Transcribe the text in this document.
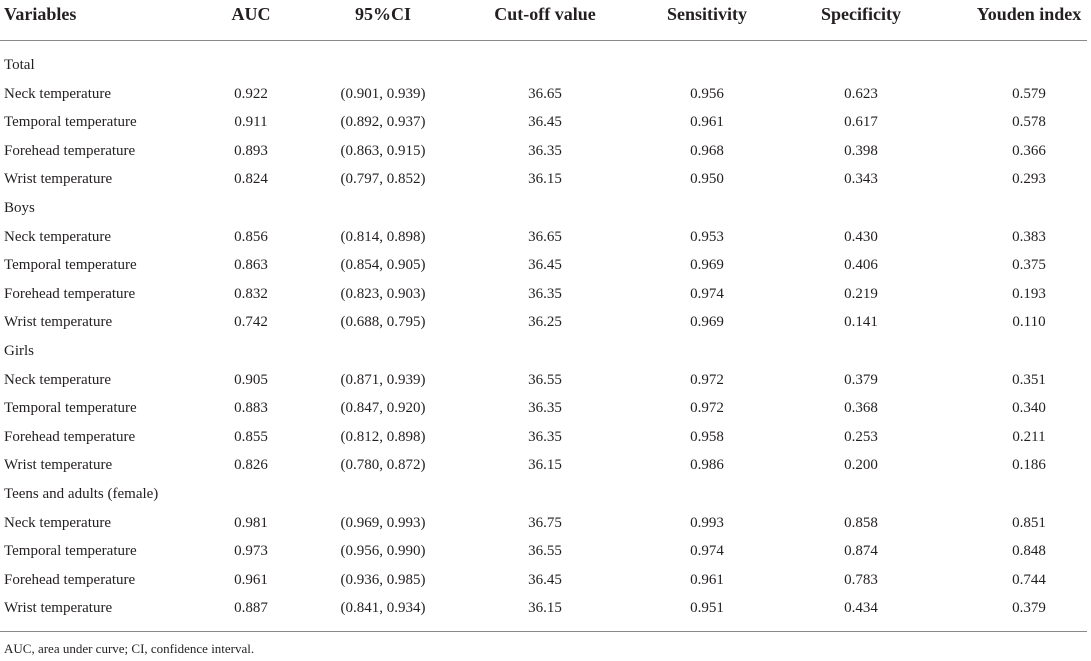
Variables	AUC	95%CI	Cut-off value	Sensitivity	Specificity	Youden index
Total
Neck temperature	0.922	(0.901, 0.939)	36.65	0.956	0.623	0.579
Temporal temperature	0.911	(0.892, 0.937)	36.45	0.961	0.617	0.578
Forehead temperature	0.893	(0.863, 0.915)	36.35	0.968	0.398	0.366
Wrist temperature	0.824	(0.797, 0.852)	36.15	0.950	0.343	0.293
Boys
Neck temperature	0.856	(0.814, 0.898)	36.65	0.953	0.430	0.383
Temporal temperature	0.863	(0.854, 0.905)	36.45	0.969	0.406	0.375
Forehead temperature	0.832	(0.823, 0.903)	36.35	0.974	0.219	0.193
Wrist temperature	0.742	(0.688, 0.795)	36.25	0.969	0.141	0.110
Girls
Neck temperature	0.905	(0.871, 0.939)	36.55	0.972	0.379	0.351
Temporal temperature	0.883	(0.847, 0.920)	36.35	0.972	0.368	0.340
Forehead temperature	0.855	(0.812, 0.898)	36.35	0.958	0.253	0.211
Wrist temperature	0.826	(0.780, 0.872)	36.15	0.986	0.200	0.186
Teens and adults (female)
Neck temperature	0.981	(0.969, 0.993)	36.75	0.993	0.858	0.851
Temporal temperature	0.973	(0.956, 0.990)	36.55	0.974	0.874	0.848
Forehead temperature	0.961	(0.936, 0.985)	36.45	0.961	0.783	0.744
Wrist temperature	0.887	(0.841, 0.934)	36.15	0.951	0.434	0.379
AUC, area under curve; CI, confidence interval.
